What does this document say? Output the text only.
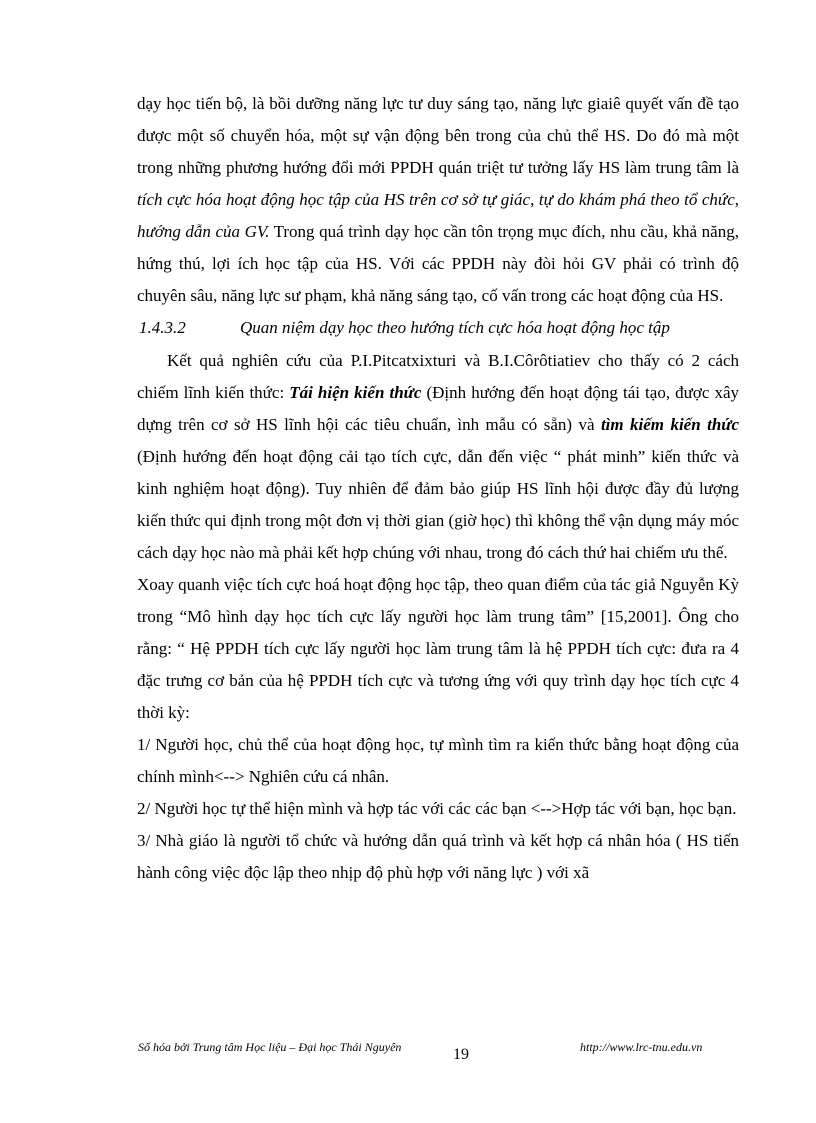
dạy học tiến bộ, là bồi dưỡng năng lực tư duy sáng tạo, năng lực giaiê quyết vấn đề tạo được một số chuyển hóa, một sự vận động bên trong của chủ thể HS. Do đó mà một trong những phương hướng đổi mới PPDH quán triệt tư tưởng lấy HS làm trung tâm là tích cực hóa hoạt động học tập của HS trên cơ sở tự giác, tự do khám phá theo tổ chức, hướng dẫn của GV. Trong quá trình dạy học cần tôn trọng mục đích, nhu cầu, khả năng, hứng thú, lợi ích học tập của HS. Với các PPDH này đòi hỏi GV phải có trình độ chuyên sâu, năng lực sư phạm, khả năng sáng tạo, cố vấn trong các hoạt động của HS.

1.4.3.2	Quan niệm dạy học theo hướng tích cực hóa hoạt động học tập

Kết quả nghiên cứu của P.I.Pitcatxixturi và B.I.Côrôtiatiev cho thấy có 2 cách chiếm lĩnh kiến thức: Tái hiện kiến thức (Định hướng đến hoạt động tái tạo, được xây dựng trên cơ sở HS lĩnh hội các tiêu chuẩn, ình mẫu có sẵn) và tìm kiếm kiến thức (Định hướng đến hoạt động cải tạo tích cực, dẫn đến việc “ phát minh” kiến thức và kinh nghiệm hoạt động). Tuy nhiên để đảm bảo giúp HS lĩnh hội được đầy đủ lượng kiến thức qui định trong một đơn vị thời gian (giờ học) thì không thể vận dụng máy móc cách dạy học nào mà phải kết hợp chúng với nhau, trong đó cách thứ hai chiếm ưu thế.

Xoay quanh việc tích cực hoá hoạt động học tập, theo quan điểm của tác giả Nguyễn Kỳ trong “Mô hình dạy học tích cực lấy người học làm trung tâm” [15,2001]. Ông cho rằng: “ Hệ PPDH tích cực lấy người học làm trung tâm là hệ PPDH tích cực: đưa ra 4 đặc trưng cơ bản của hệ PPDH tích cực và tương ứng với quy trình dạy học tích cực 4 thời kỳ:

1/ Người học, chủ thể của hoạt động học, tự mình tìm ra kiến thức bằng hoạt động của chính mình<--> Nghiên cứu cá nhân.

2/ Người học tự thể hiện mình và hợp tác với các các bạn <-->Hợp tác với bạn, học bạn.

3/ Nhà giáo là người tổ chức và hướng dẫn quá trình và kết hợp cá nhân hóa ( HS tiến hành công việc độc lập theo nhịp độ phù hợp với năng lực ) với xã

Số hóa bởi Trung tâm Học liệu – Đại học Thái Nguyên	19	http://www.lrc-tnu.edu.vn
